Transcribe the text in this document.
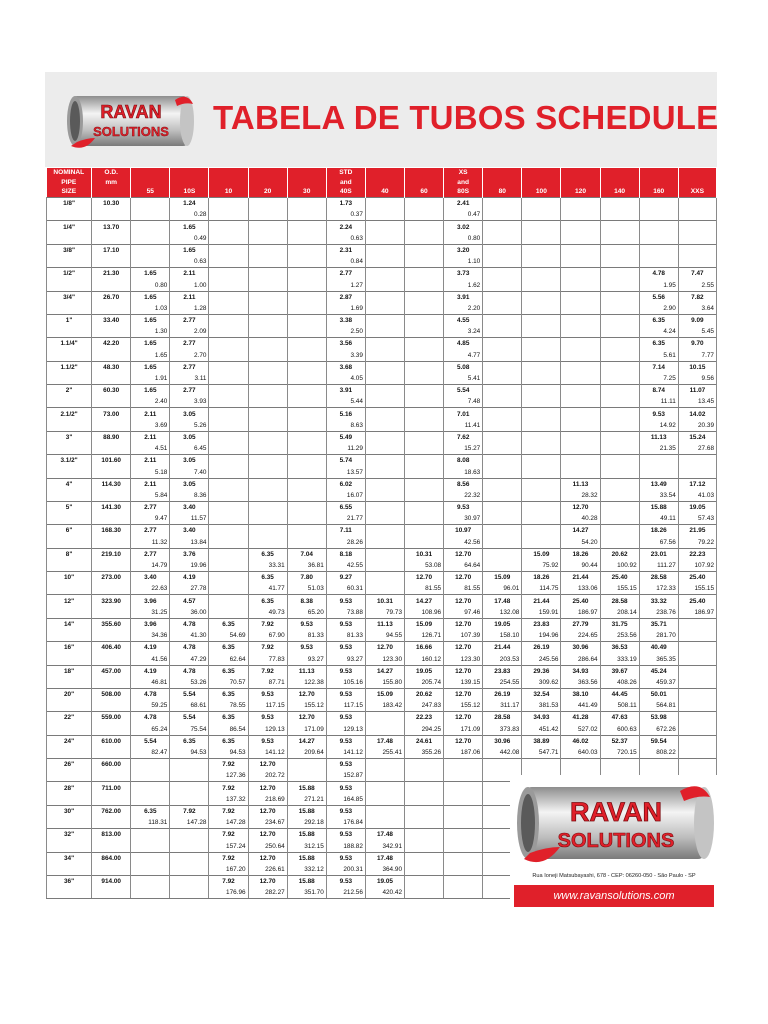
RAVAN
SOLUTIONS TABELA DE TUBOS SCHEDULE
NOMINAL
PIPE
SIZE	O.D.
mm	55	10S	10	20	30	STD
and
40S	40	60	XS
and
80S	80	100	120	140	160	XXS

1/8"	10.30		1.24				1.73			2.41						
			0.28				0.37			0.47						
1/4"	13.70		1.65				2.24			3.02						
			0.49				0.63			0.80						
3/8"	17.10		1.65				2.31			3.20						
			0.63				0.84			1.10						
1/2"	21.30	1.65	2.11				2.77			3.73					4.78	7.47
		0.80	1.00				1.27			1.62					1.95	2.55
3/4"	26.70	1.65	2.11				2.87			3.91					5.56	7.82
		1.03	1.28				1.69			2.20					2.90	3.64
1"	33.40	1.65	2.77				3.38			4.55					6.35	9.09
		1.30	2.09				2.50			3.24					4.24	5.45
1.1/4"	42.20	1.65	2.77				3.56			4.85					6.35	9.70
		1.65	2.70				3.39			4.77					5.61	7.77
1.1/2"	48.30	1.65	2.77				3.68			5.08					7.14	10.15
		1.91	3.11				4.05			5.41					7.25	9.56
2"	60.30	1.65	2.77				3.91			5.54					8.74	11.07
		2.40	3.93				5.44			7.48					11.11	13.45
2.1/2"	73.00	2.11	3.05				5.16			7.01					9.53	14.02
		3.69	5.26				8.63			11.41					14.92	20.39
3"	88.90	2.11	3.05				5.49			7.62					11.13	15.24
		4.51	6.45				11.29			15.27					21.35	27.68
3.1/2"	101.60	2.11	3.05				5.74			8.08						
		5.18	7.40				13.57			18.63						
4"	114.30	2.11	3.05				6.02			8.56			11.13		13.49	17.12
		5.84	8.36				16.07			22.32			28.32		33.54	41.03
5"	141.30	2.77	3.40				6.55			9.53			12.70		15.88	19.05
		9.47	11.57				21.77			30.97			40.28		49.11	57.43
6"	168.30	2.77	3.40				7.11			10.97			14.27		18.26	21.95
		11.32	13.84				28.26			42.56			54.20		67.56	79.22
8"	219.10	2.77	3.76		6.35	7.04	8.18		10.31	12.70		15.09	18.26	20.62	23.01	22.23
		14.79	19.96		33.31	36.81	42.55		53.08	64.64		75.92	90.44	100.92	111.27	107.92
10"	273.00	3.40	4.19		6.35	7.80	9.27		12.70	12.70	15.09	18.26	21.44	25.40	28.58	25.40
		22.63	27.78		41.77	51.03	60.31		81.55	81.55	96.01	114.75	133.06	155.15	172.33	155.15
12"	323.90	3.96	4.57		6.35	8.38	9.53	10.31	14.27	12.70	17.48	21.44	25.40	28.58	33.32	25.40
		31.25	36.00		49.73	65.20	73.88	79.73	108.96	97.46	132.08	159.91	186.97	208.14	238.76	186.97
14"	355.60	3.96	4.78	6.35	7.92	9.53	9.53	11.13	15.09	12.70	19.05	23.83	27.79	31.75	35.71	
		34.36	41.30	54.69	67.90	81.33	81.33	94.55	126.71	107.39	158.10	194.96	224.65	253.56	281.70	
16"	406.40	4.19	4.78	6.35	7.92	9.53	9.53	12.70	16.66	12.70	21.44	26.19	30.96	36.53	40.49	
		41.56	47.29	62.64	77.83	93.27	93.27	123.30	160.12	123.30	203.53	245.56	286.64	333.19	365.35	
18"	457.00	4.19	4.78	6.35	7.92	11.13	9.53	14.27	19.05	12.70	23.83	29.36	34.93	39.67	45.24	
		46.81	53.26	70.57	87.71	122.38	105.16	155.80	205.74	139.15	254.55	309.62	363.56	408.26	459.37	
20"	508.00	4.78	5.54	6.35	9.53	12.70	9.53	15.09	20.62	12.70	26.19	32.54	38.10	44.45	50.01	
		59.25	68.61	78.55	117.15	155.12	117.15	183.42	247.83	155.12	311.17	381.53	441.49	508.11	564.81	
22"	559.00	4.78	5.54	6.35	9.53	12.70	9.53		22.23	12.70	28.58	34.93	41.28	47.63	53.98	
		65.24	75.54	86.54	129.13	171.09	129.13		294.25	171.09	373.83	451.42	527.02	600.63	672.26	
24"	610.00	5.54	6.35	6.35	9.53	14.27	9.53	17.48	24.61	12.70	30.96	38.89	46.02	52.37	59.54	
		82.47	94.53	94.53	141.12	209.64	141.12	255.41	355.26	187.06	442.08	547.71	640.03	720.15	808.22	
26"	660.00			7.92	12.70		9.53									
				127.36	202.72		152.87									
28"	711.00			7.92	12.70	15.88	9.53									
				137.32	218.69	271.21	164.85									
30"	762.00	6.35	7.92	7.92	12.70	15.88	9.53									
		118.31	147.28	147.28	234.67	292.18	176.84									
32"	813.00			7.92	12.70	15.88	9.53	17.48								
				157.24	250.64	312.15	188.82	342.91								
34"	864.00			7.92	12.70	15.88	9.53	17.48								
				167.20	226.61	332.12	200.31	364.90								
36"	914.00			7.92	12.70	15.88	9.53	19.05								
				176.96	282.27	351.70	212.56	420.42								
RAVAN
SOLUTIONS
Rua Ioneji Matsubayashi, 678 - CEP: 06260-050 - São Paulo - SP
www.ravansolutions.com
